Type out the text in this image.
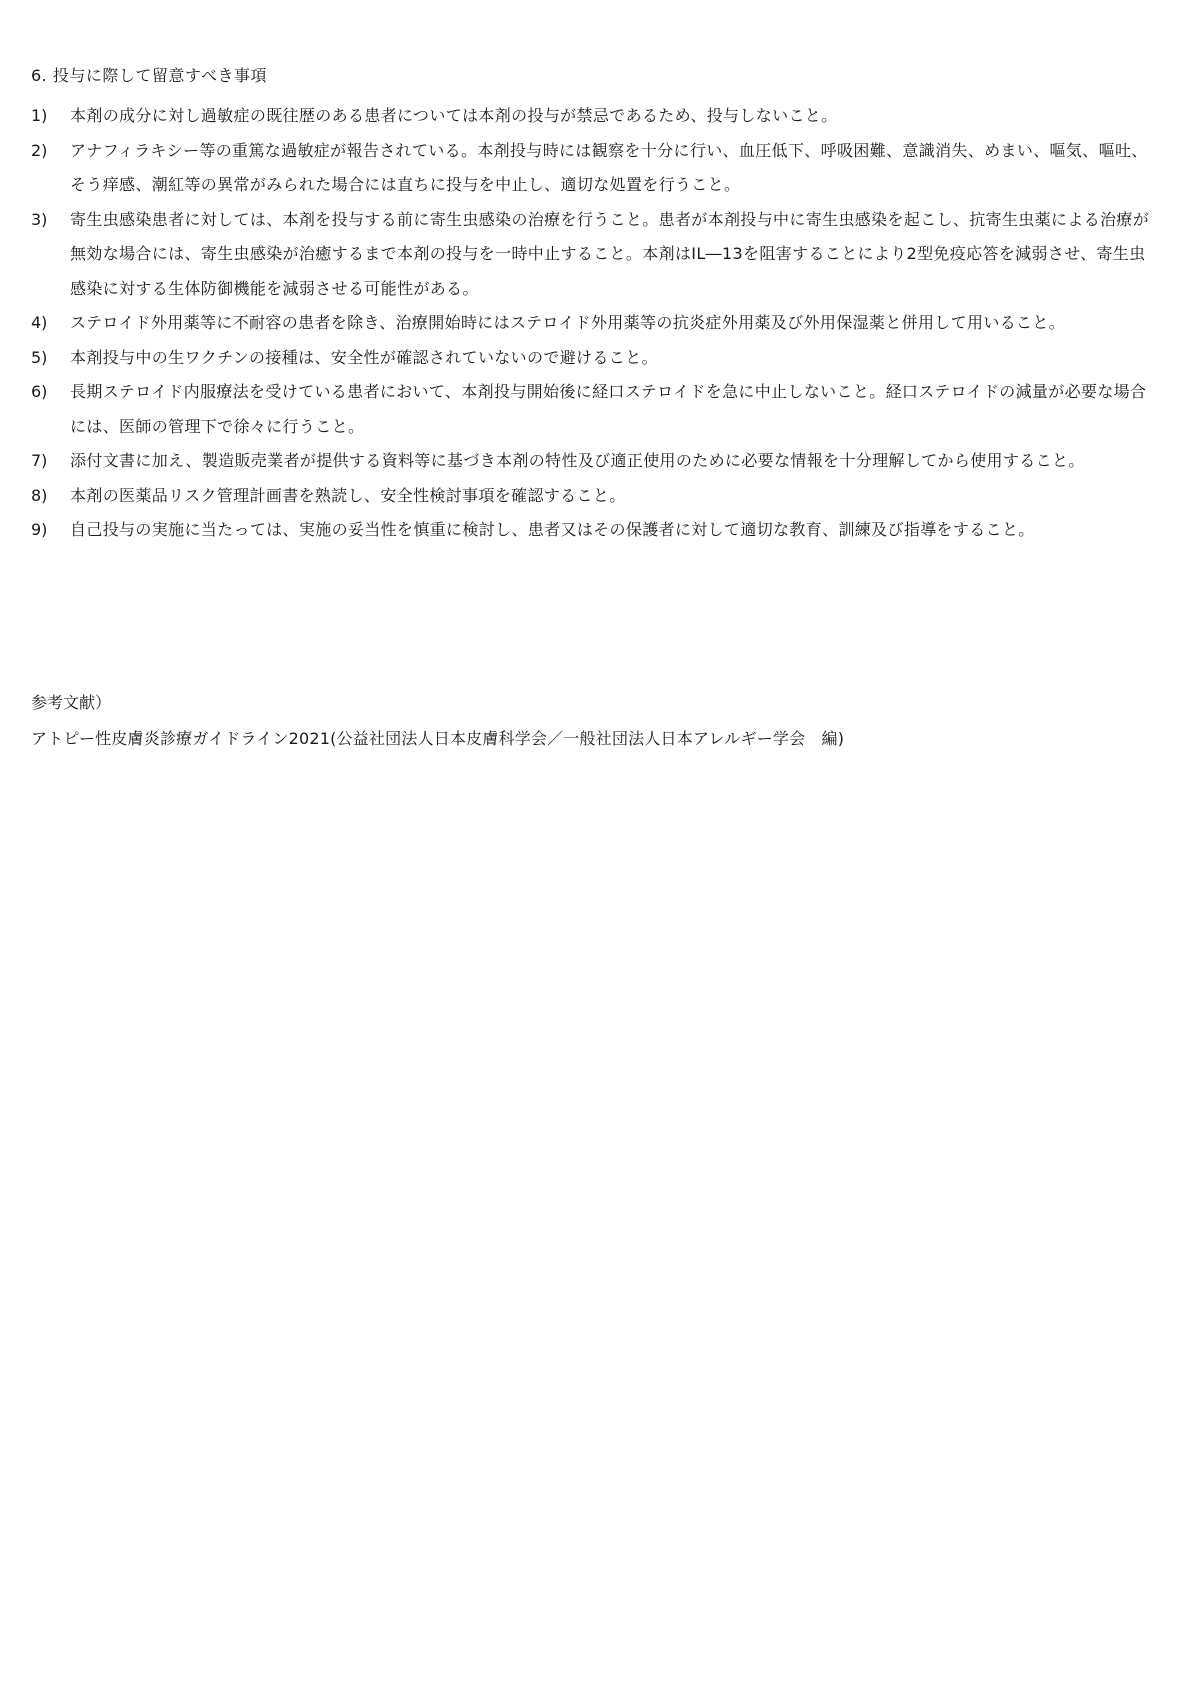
6. 投与に際して留意すべき事項
1)	本剤の成分に対し過敏症の既往歴のある患者については本剤の投与が禁忌であるため、投与しないこと。
2)	アナフィラキシー等の重篤な過敏症が報告されている。本剤投与時には観察を十分に行い、血圧低下、呼吸困難、意識消失、めまい、嘔気、嘔吐、そう痒感、潮紅等の異常がみられた場合には直ちに投与を中止し、適切な処置を行うこと。
3)	寄生虫感染患者に対しては、本剤を投与する前に寄生虫感染の治療を行うこと。患者が本剤投与中に寄生虫感染を起こし、抗寄生虫薬による治療が無効な場合には、寄生虫感染が治癒するまで本剤の投与を一時中止すること。本剤はIL―13を阻害することにより2型免疫応答を減弱させ、寄生虫感染に対する生体防御機能を減弱させる可能性がある。
4)	ステロイド外用薬等に不耐容の患者を除き、治療開始時にはステロイド外用薬等の抗炎症外用薬及び外用保湿薬と併用して用いること。
5)	本剤投与中の生ワクチンの接種は、安全性が確認されていないので避けること。
6)	長期ステロイド内服療法を受けている患者において、本剤投与開始後に経口ステロイドを急に中止しないこと。経口ステロイドの減量が必要な場合には、医師の管理下で徐々に行うこと。
7)	添付文書に加え、製造販売業者が提供する資料等に基づき本剤の特性及び適正使用のために必要な情報を十分理解してから使用すること。
8)	本剤の医薬品リスク管理計画書を熟読し、安全性検討事項を確認すること。
9)	自己投与の実施に当たっては、実施の妥当性を慎重に検討し、患者又はその保護者に対して適切な教育、訓練及び指導をすること。
参考文献）
アトピー性皮膚炎診療ガイドライン2021(公益社団法人日本皮膚科学会／一般社団法人日本アレルギー学会　編)
